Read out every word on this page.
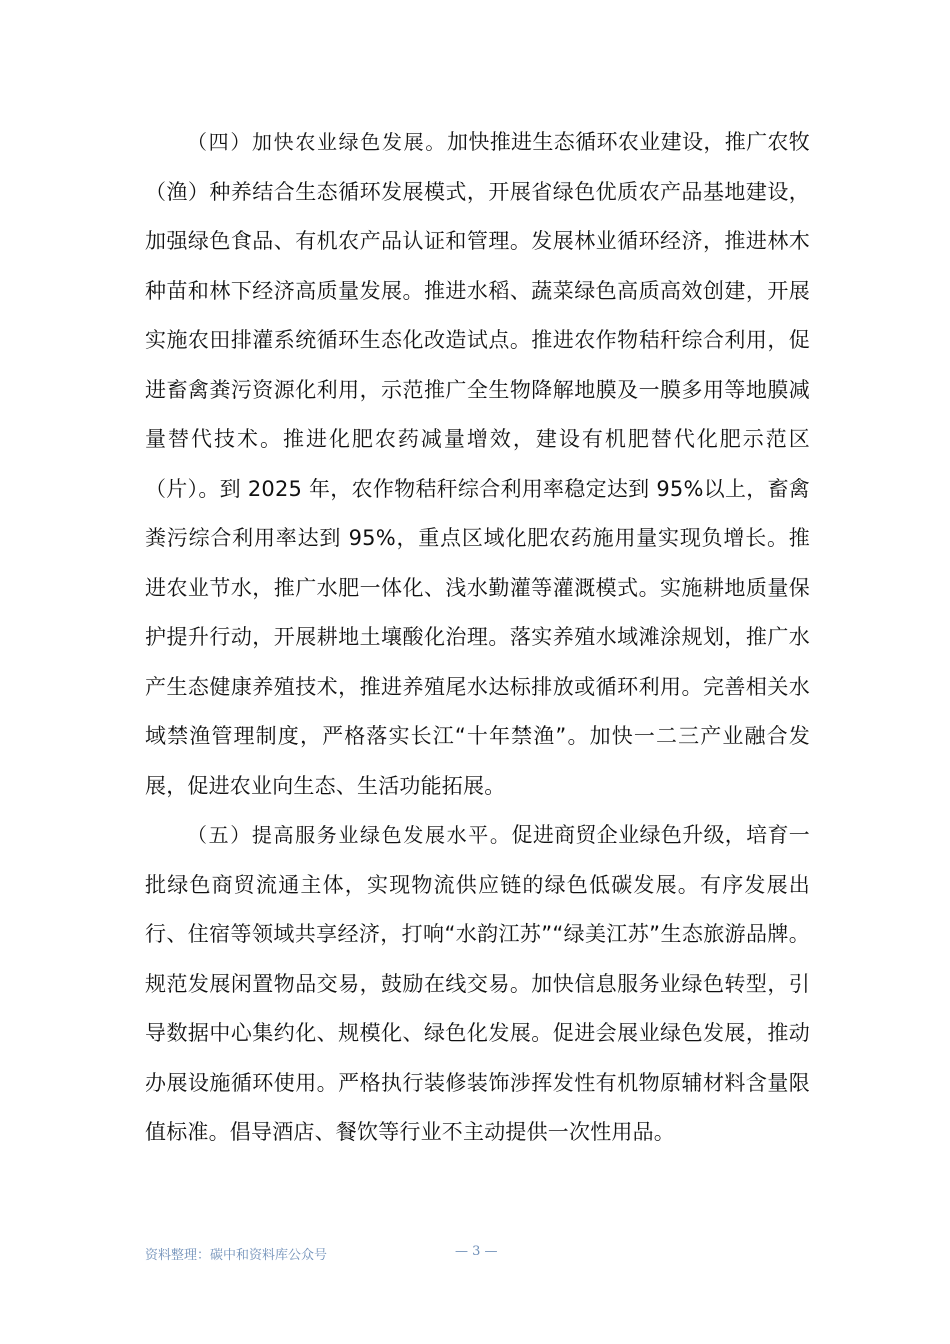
（四）加快农业绿色发展。加快推进生态循环农业建设，推广农牧（渔）种养结合生态循环发展模式，开展省绿色优质农产品基地建设，加强绿色食品、有机农产品认证和管理。发展林业循环经济，推进林木种苗和林下经济高质量发展。推进水稻、蔬菜绿色高质高效创建，开展实施农田排灌系统循环生态化改造试点。推进农作物秸秆综合利用，促进畜禽粪污资源化利用，示范推广全生物降解地膜及一膜多用等地膜减量替代技术。推进化肥农药减量增效，建设有机肥替代化肥示范区（片）。到 2025 年，农作物秸秆综合利用率稳定达到 95%以上，畜禽粪污综合利用率达到 95%，重点区域化肥农药施用量实现负增长。推进农业节水，推广水肥一体化、浅水勤灌等灌溉模式。实施耕地质量保护提升行动，开展耕地土壤酸化治理。落实养殖水域滩涂规划，推广水产生态健康养殖技术，推进养殖尾水达标排放或循环利用。完善相关水域禁渔管理制度，严格落实长江“十年禁渔”。加快一二三产业融合发展，促进农业向生态、生活功能拓展。

（五）提高服务业绿色发展水平。促进商贸企业绿色升级，培育一批绿色商贸流通主体，实现物流供应链的绿色低碳发展。有序发展出行、住宿等领域共享经济，打响“水韵江苏”“绿美江苏”生态旅游品牌。规范发展闲置物品交易，鼓励在线交易。加快信息服务业绿色转型，引导数据中心集约化、规模化、绿色化发展。促进会展业绿色发展，推动办展设施循环使用。严格执行装修装饰涉挥发性有机物原辅材料含量限值标准。倡导酒店、餐饮等行业不主动提供一次性用品。

资料整理：碳中和资料库公众号	— 3 —
